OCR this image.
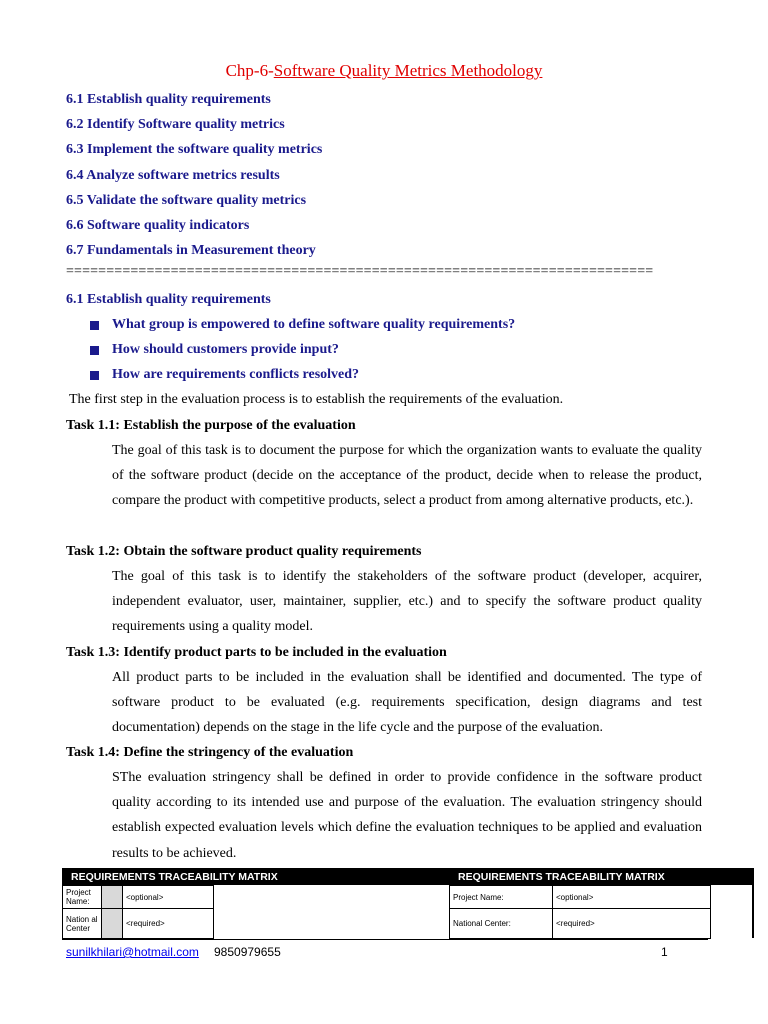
Chp-6-Software Quality Metrics Methodology
6.1 Establish quality requirements
6.2 Identify Software quality metrics
6.3 Implement the software quality metrics
6.4 Analyze software metrics results
6.5 Validate the software quality metrics
6.6 Software quality indicators
6.7 Fundamentals in Measurement theory
=========================================================================
6.1 Establish quality requirements
What group is empowered to define software quality requirements?
How should customers provide input?
How are requirements conflicts resolved?
The first step in the evaluation process is to establish the requirements of the evaluation.
Task 1.1: Establish the purpose of the evaluation
The goal of this task is to document the purpose for which the organization wants to evaluate the quality of the software product (decide on the acceptance of the product, decide when to release the product, compare the product with competitive products, select a product from among alternative products, etc.).
Task 1.2: Obtain the software product quality requirements
The goal of this task is to identify the stakeholders of the software product (developer, acquirer, independent evaluator, user, maintainer, supplier, etc.) and to specify the software product quality requirements using a quality model.
Task 1.3: Identify product parts to be included in the evaluation
All product parts to be included in the evaluation shall be identified and documented. The type of software product to be evaluated (e.g. requirements specification, design diagrams and test documentation) depends on the stage in the life cycle and the purpose of the evaluation.
Task 1.4: Define the stringency of the evaluation
SThe evaluation stringency shall be defined in order to provide confidence in the software product quality according to its intended use and purpose of the evaluation. The evaluation stringency should establish expected evaluation levels which define the evaluation techniques to be applied and evaluation results to be achieved.
REQUIREMENTS TRACEABILITY MATRIX	REQUIREMENTS TRACEABILITY MATRIX
Project Name:		<optional>
Nation al Center		<required>
Project Name:	<optional>
National Center:	<required>
sunilkhilari@hotmail.com 9850979655	1
